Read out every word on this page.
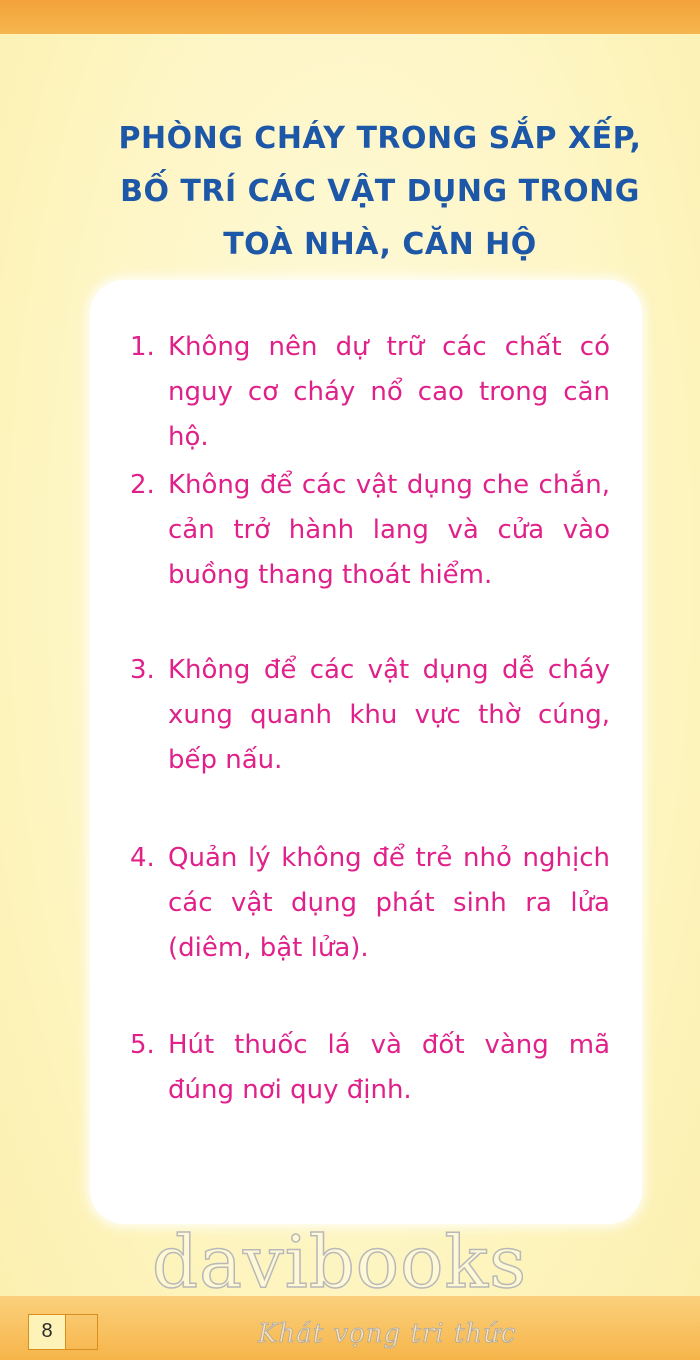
PHÒNG CHÁY TRONG SẮP XẾP,
BỐ TRÍ CÁC VẬT DỤNG TRONG
TOÀ NHÀ, CĂN HỘ

1. Không nên dự trữ các chất có nguy cơ cháy nổ cao trong căn hộ.

2. Không để các vật dụng che chắn, cản trở hành lang và cửa vào buồng thang thoát hiểm.

3. Không để các vật dụng dễ cháy xung quanh khu vực thờ cúng, bếp nấu.

4. Quản lý không để trẻ nhỏ nghịch các vật dụng phát sinh ra lửa (diêm, bật lửa).

5. Hút thuốc lá và đốt vàng mã đúng nơi quy định.

8
davibooks
Khát vọng tri thức
